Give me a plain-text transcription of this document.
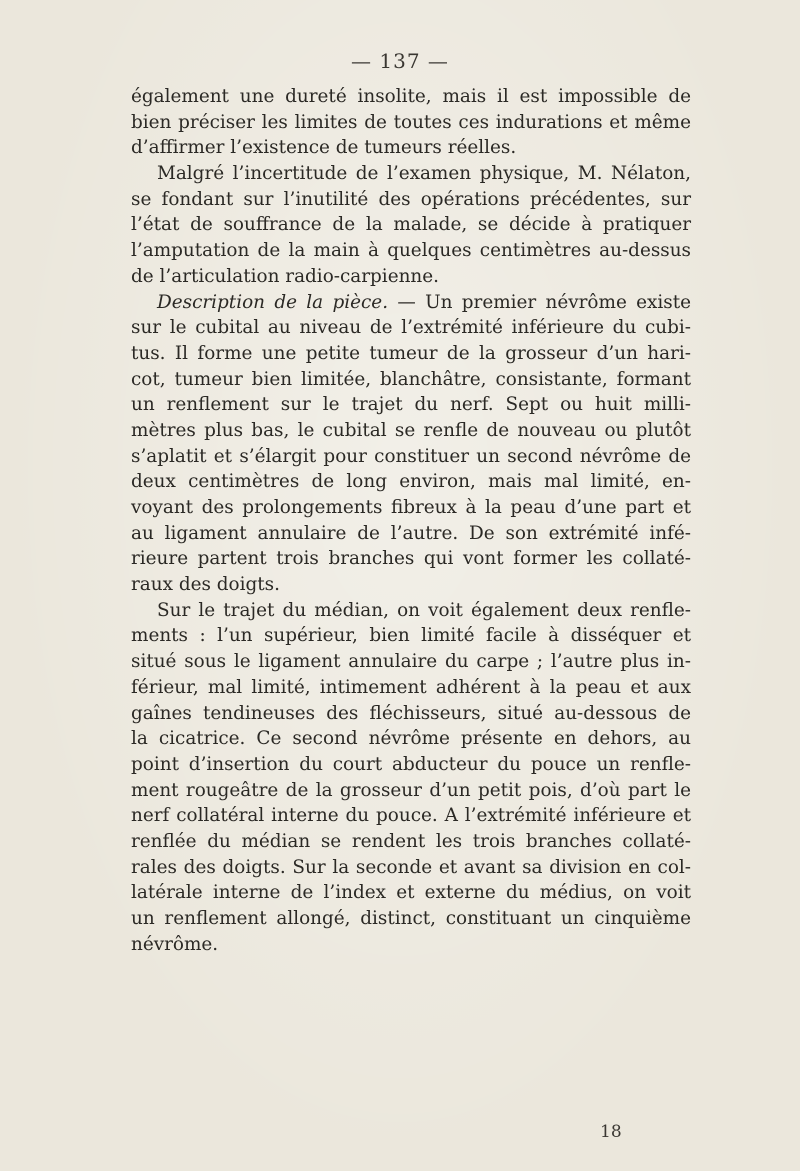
— 137 —
également une dureté insolite, mais il est impossible de
bien préciser les limites de toutes ces indurations et même
d’affirmer l’existence de tumeurs réelles.
Malgré l’incertitude de l’examen physique, M. Nélaton,
se fondant sur l’inutilité des opérations précédentes, sur
l’état de souffrance de la malade, se décide à pratiquer
l’amputation de la main à quelques centimètres au-dessus
de l’articulation radio-carpienne.
Description de la pièce. — Un premier névrôme existe
sur le cubital au niveau de l’extrémité inférieure du cubi-
tus. Il forme une petite tumeur de la grosseur d’un hari-
cot, tumeur bien limitée, blanchâtre, consistante, formant
un renflement sur le trajet du nerf. Sept ou huit milli-
mètres plus bas, le cubital se renfle de nouveau ou plutôt
s’aplatit et s’élargit pour constituer un second névrôme de
deux centimètres de long environ, mais mal limité, en-
voyant des prolongements fibreux à la peau d’une part et
au ligament annulaire de l’autre. De son extrémité infé-
rieure partent trois branches qui vont former les collaté-
raux des doigts.
Sur le trajet du médian, on voit également deux renfle-
ments : l’un supérieur, bien limité facile à disséquer et
situé sous le ligament annulaire du carpe ; l’autre plus in-
férieur, mal limité, intimement adhérent à la peau et aux
gaînes tendineuses des fléchisseurs, situé au-dessous de
la cicatrice. Ce second névrôme présente en dehors, au
point d’insertion du court abducteur du pouce un renfle-
ment rougeâtre de la grosseur d’un petit pois, d’où part le
nerf collatéral interne du pouce. A l’extrémité inférieure et
renflée du médian se rendent les trois branches collaté-
rales des doigts. Sur la seconde et avant sa division en col-
latérale interne de l’index et externe du médius, on voit
un renflement allongé, distinct, constituant un cinquième
névrôme.
18
